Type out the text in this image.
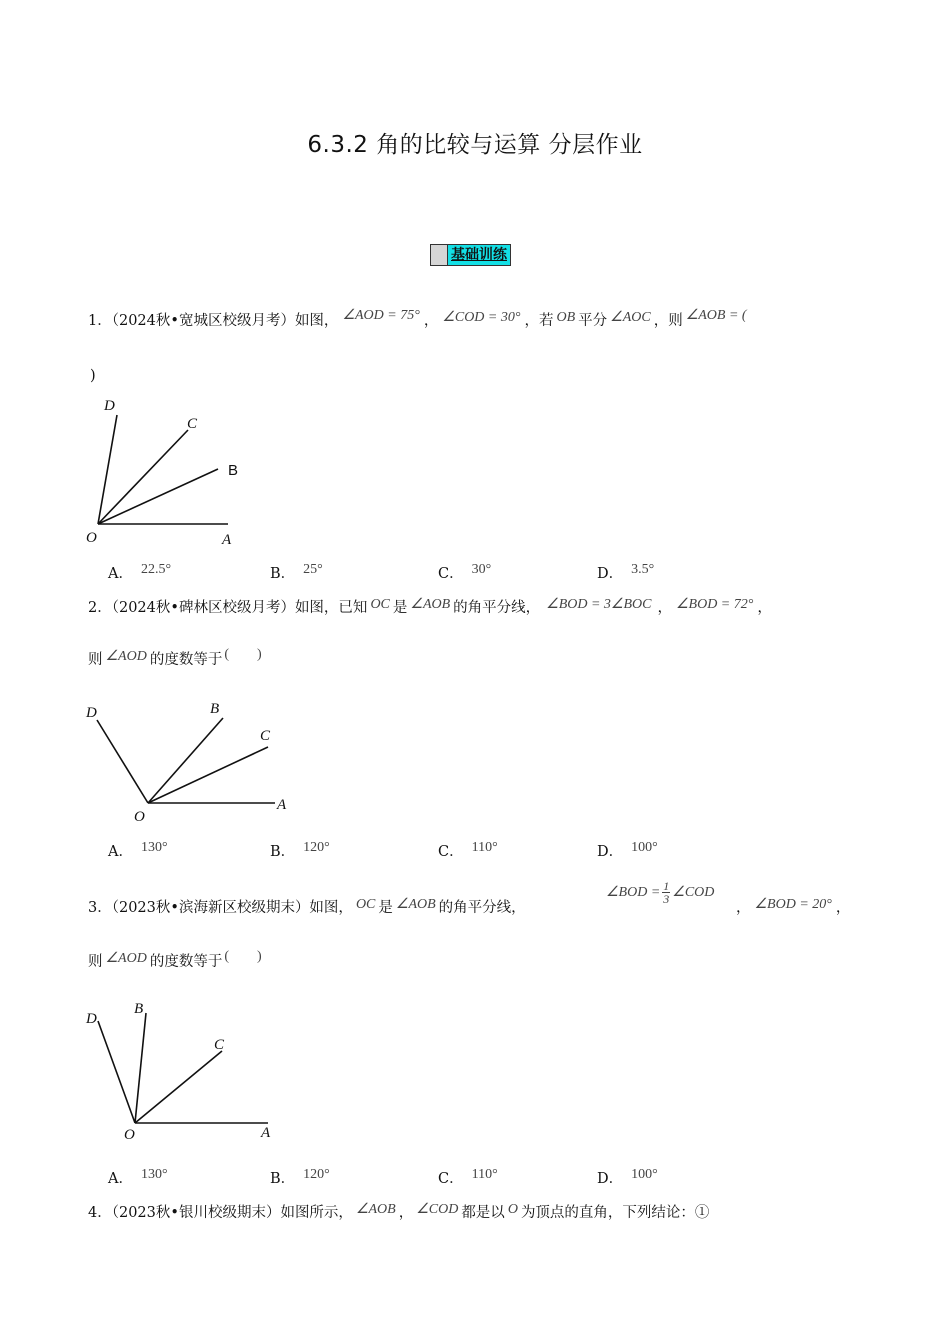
6.3.2 角的比较与运算 分层作业
基础训练
1．（2024秋•宽城区校级月考）如图， ∠AOD = 75° ， ∠COD = 30° ，若 OB 平分 ∠AOC ，则 ∠AOB = (
)
D
C
B
O	A
A． 22.5°	B． 25°	C． 30°	D． 3.5°
2．（2024秋•碑林区校级月考）如图，已知 OC 是 ∠AOB 的角平分线， ∠BOD = 3∠BOC ， ∠BOD = 72° ，
则 ∠AOD 的度数等于 (　　)
D	B
C
O
A
A． 130°	B． 120°	C． 110°	D． 100°
3．（2023秋•滨海新区校级期末）如图， OC 是 ∠AOB 的角平分线，
∠BOD = $\frac{1}{3}$ ∠COD
， ∠BOD = 20° ，
则 ∠AOD 的度数等于 (　　)
D
B
C
O	A
A． 130°	B． 120°	C． 110°	D． 100°
4．（2023秋•银川校级期末）如图所示， ∠AOB ， ∠COD 都是以 O 为顶点的直角，下列结论：①
